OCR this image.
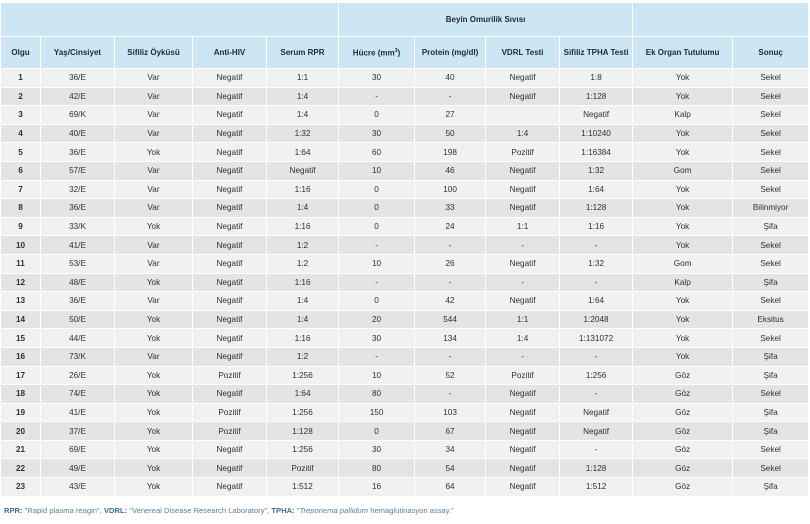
					Beyin Omurilik Sıvısı					
Olgu	Yaş/Cinsiyet	Sifiliz Öyküsü	Anti-HIV	Serum RPR	Hücre $(mm^3)$	Protein (mg/dl)	VDRL Testi	Sifiliz TPHA Testi	Ek Organ Tutulumu	Sonuç
1	36/E	Var	Negatif	1:1	30	40	Negatif	1:8	Yok	Sekel
2	42/E	Var	Negatif	1:4	-	-	Negatif	1:128	Yok	Sekel
3	69/K	Var	Negatif	1:4	0	27		Negatif	Kalp	Sekel
4	40/E	Var	Negatif	1:32	30	50	1:4	1:10240	Yok	Sekel
5	36/E	Yok	Negatif	1:64	60	198	Pozitif	1:16384	Yok	Sekel
6	57/E	Var	Negatif	Negatif	10	46	Negatif	1:32	Gom	Sekel
7	32/E	Var	Negatif	1:16	0	100	Negatif	1:64	Yok	Sekel
8	36/E	Var	Negatif	1:4	0	33	Negatif	1:128	Yok	Bilinmiyor
9	33/K	Yok	Negatif	1:16	0	24	1:1	1:16	Yok	Şifa
10	41/E	Var	Negatif	1:2	-	-	-	-	Yok	Sekel
11	53/E	Var	Negatif	1:2	10	26	Negatif	1:32	Gom	Sekel
12	48/E	Yok	Negatif	1:16	-	-	-	-	Kalp	Şifa
13	36/E	Var	Negatif	1:4	0	42	Negatif	1:64	Yok	Sekel
14	50/E	Yok	Negatif	1:4	20	544	1:1	1:2048	Yok	Eksitus
15	44/E	Yok	Negatif	1:16	30	134	1:4	1:131072	Yok	Sekel
16	73/K	Var	Negatif	1:2	-	-	-	-	Yok	Şifa
17	26/E	Yok	Pozitif	1:256	10	52	Pozitif	1:256	Göz	Şifa
18	74/E	Yok	Negatif	1:64	80	-	Negatif	-	Göz	Sekel
19	41/E	Yok	Pozitif	1:256	150	103	Negatif	Negatif	Göz	Şifa
20	37/E	Yok	Pozitif	1:128	0	67	Negatif	Negatif	Göz	Şifa
21	69/E	Yok	Negatif	1:256	30	34	Negatif	-	Göz	Sekel
22	49/E	Yok	Negatif	Pozitif	80	54	Negatif	1:128	Göz	Sekel
23	43/E	Yok	Negatif	1:512	16	64	Negatif	1:512	Göz	Şifa
RPR: "Rapid plasma reagin", VDRL: "Venereal Disease Research Laboratory", TPHA: "Treponema pallidum hemaglutinasyon assay."
